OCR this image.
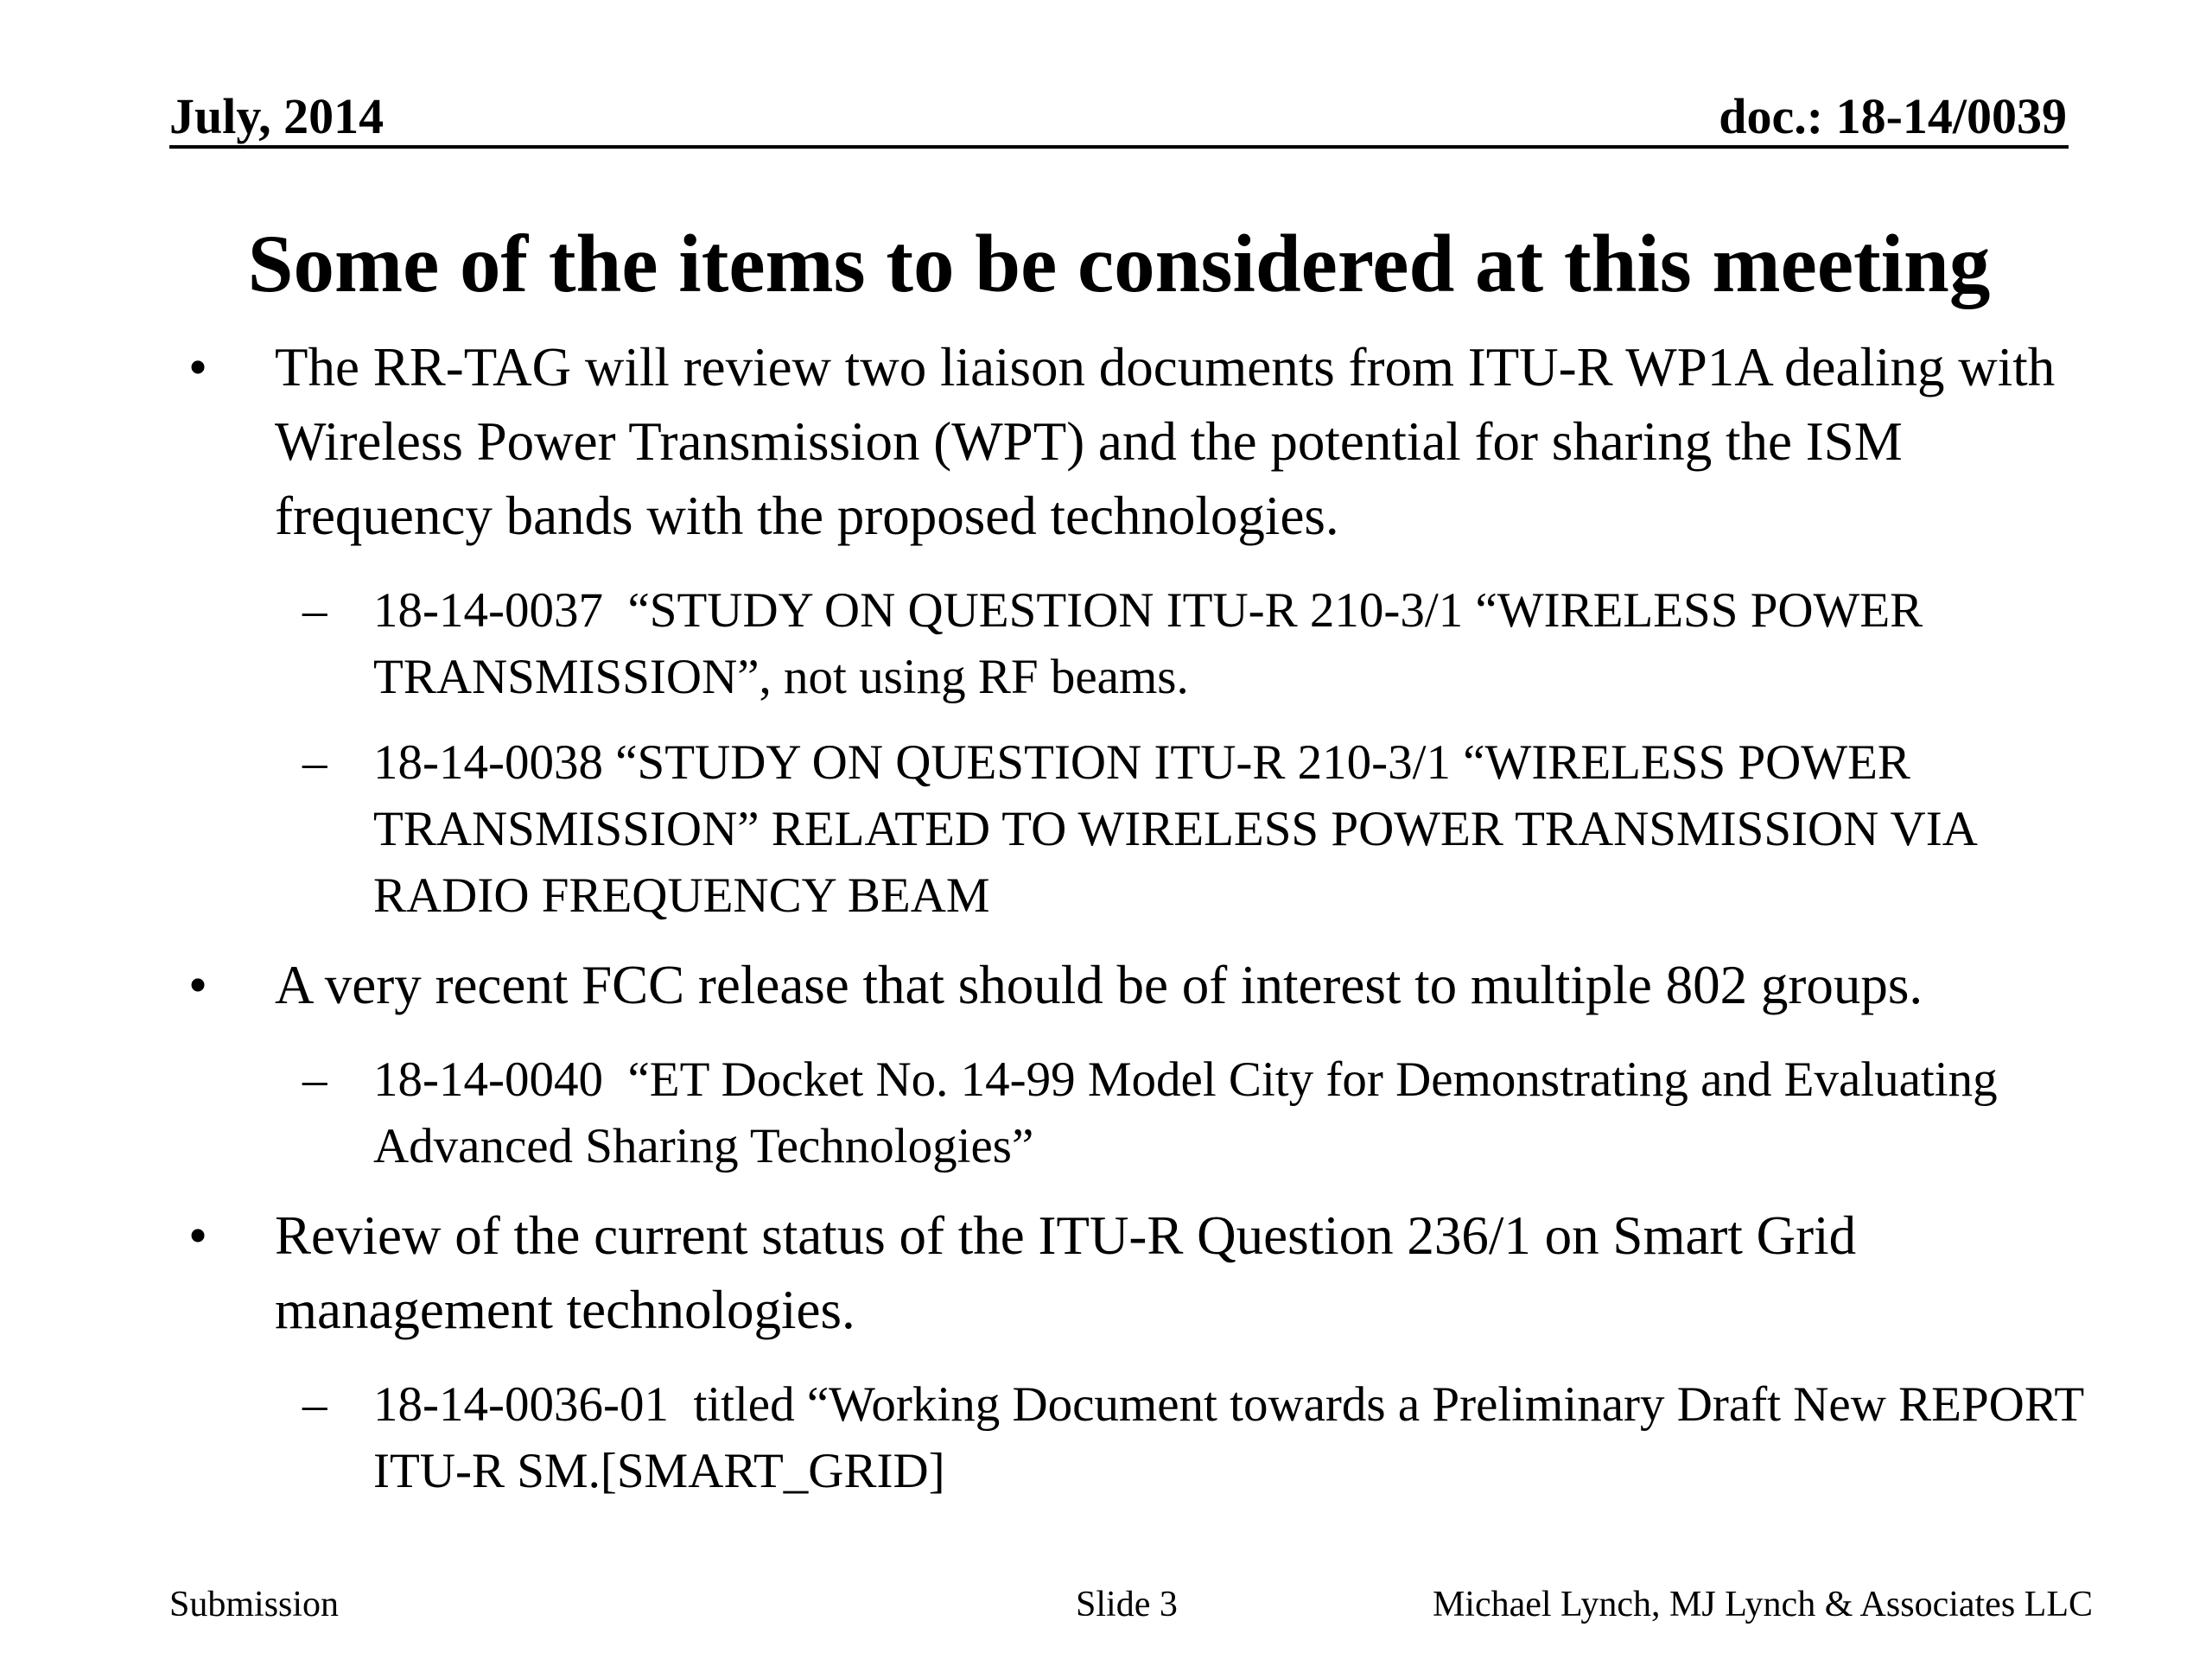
July, 2014	doc.: 18-14/0039
Some of the items to be considered at this meeting
• The RR-TAG will review two liaison documents from ITU-R WP1A dealing with Wireless Power Transmission (WPT) and the potential for sharing the ISM frequency bands with the proposed technologies.
– 18-14-0037  “STUDY ON QUESTION ITU-R 210-3/1 “WIRELESS POWER TRANSMISSION”, not using RF beams.
– 18-14-0038 “STUDY ON QUESTION ITU-R 210-3/1 “WIRELESS POWER TRANSMISSION” RELATED TO WIRELESS POWER TRANSMISSION VIA RADIO FREQUENCY BEAM
• A very recent FCC release that should be of interest to multiple 802 groups.
– 18-14-0040  “ET Docket No. 14-99 Model City for Demonstrating and Evaluating Advanced Sharing Technologies”
• Review of the current status of the ITU-R Question 236/1 on Smart Grid management technologies.
– 18-14-0036-01  titled “Working Document towards a Preliminary Draft New REPORT ITU-R SM.[SMART_GRID]
Submission	Slide 3	Michael Lynch, MJ Lynch & Associates LLC
